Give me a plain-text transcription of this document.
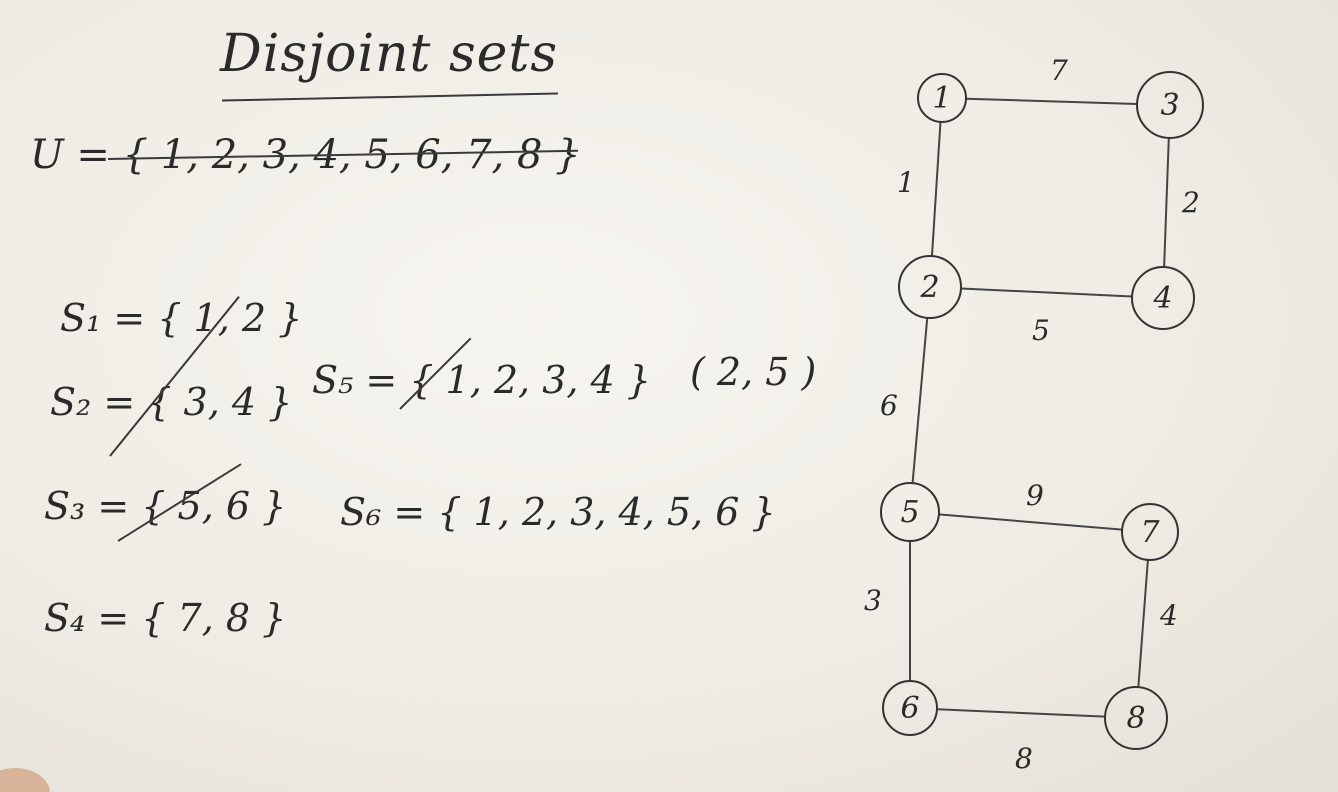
Disjoint sets
U = { 1, 2, 3, 4, 5, 6, 7, 8 }
S₁ = { 1, 2 }
S₂ = { 3, 4 }
S₃ = { 5, 6 }
S₄ = { 7, 8 }
S₅ = { 1, 2, 3, 4 }
S₆ = { 1, 2, 3, 4, 5, 6 }
( 2, 5 )
7
1
2
5
6
9
3	4
8
1
2
3
4
5
6
7
8
